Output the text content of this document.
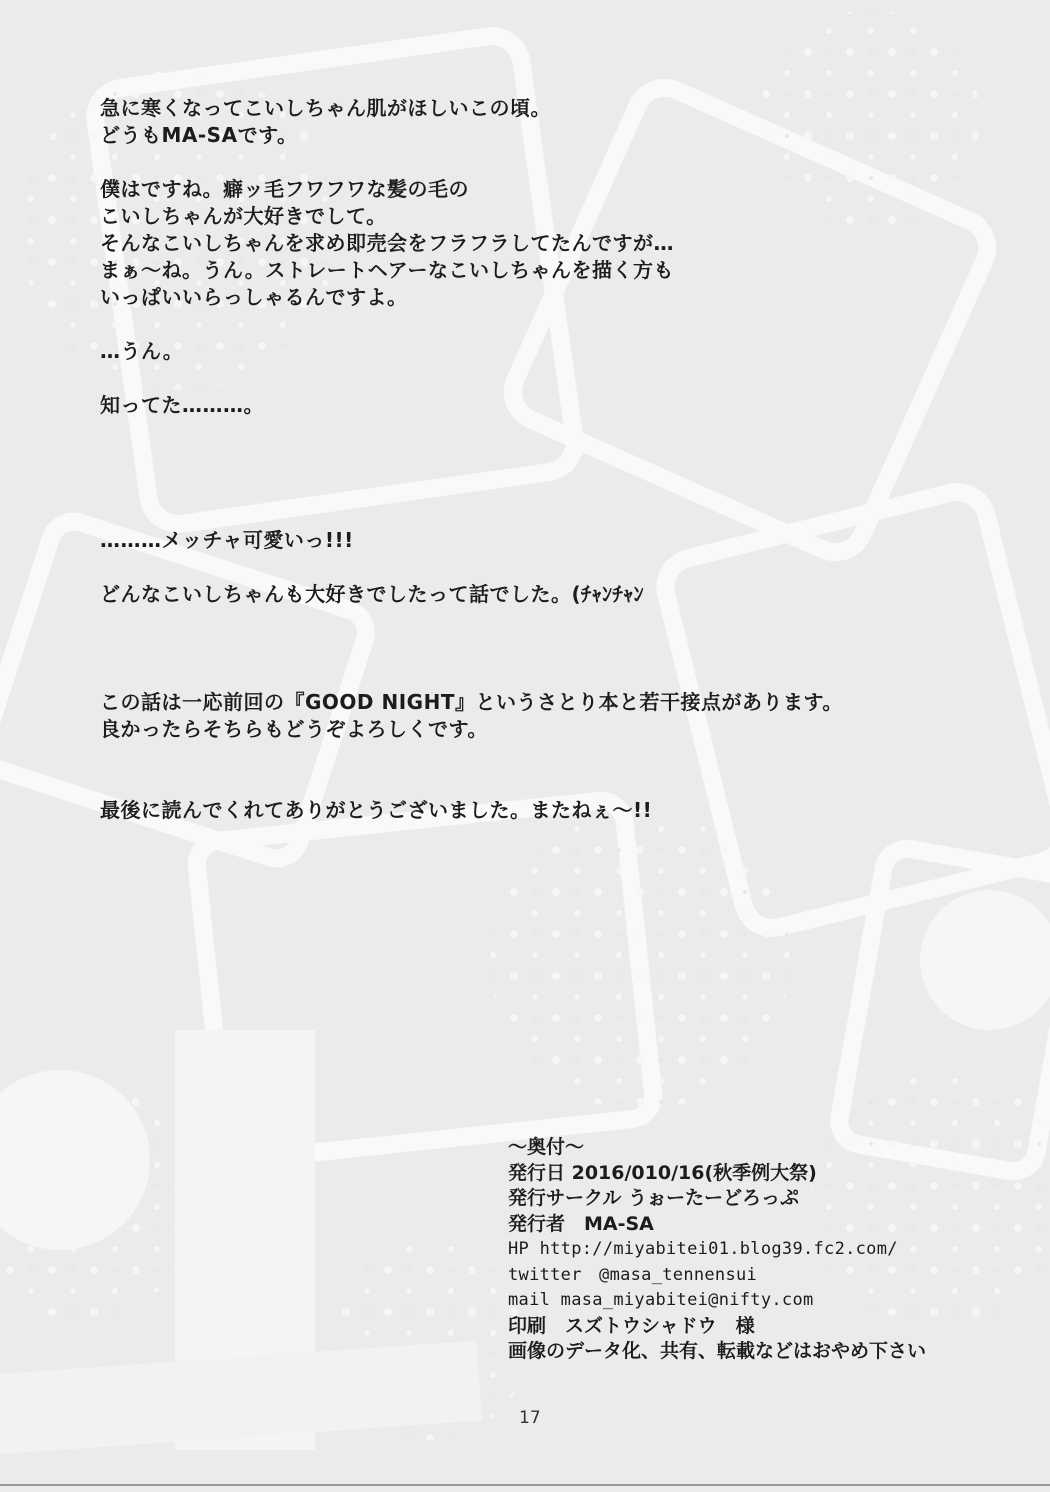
急に寒くなってこいしちゃん肌がほしいこの頃。
どうもMA-SAです。
僕はですね。癖ッ毛フワフワな髪の毛の
こいしちゃんが大好きでして。
そんなこいしちゃんを求め即売会をフラフラしてたんですが…
まぁ～ね。うん。ストレートヘアーなこいしちゃんを描く方も
いっぱいいらっしゃるんですよ。
…うん。
知ってた………。
………メッチャ可愛いっ!!!
どんなこいしちゃんも大好きでしたって話でした。(ﾁｬﾝﾁｬﾝ
この話は一応前回の『GOOD NIGHT』というさとり本と若干接点があります。
良かったらそちらもどうぞよろしくです。
最後に読んでくれてありがとうございました。またねぇ～!!
～奥付～
発行日 2016/010/16(秋季例大祭)
発行サークル うぉーたーどろっぷ
発行者　MA-SA
HP http://miyabitei01.blog39.fc2.com/
twitter　@masa_tennensui
mail masa_miyabitei@nifty.com
印刷　スズトウシャドウ　様
画像のデータ化、共有、転載などはおやめ下さい
17
